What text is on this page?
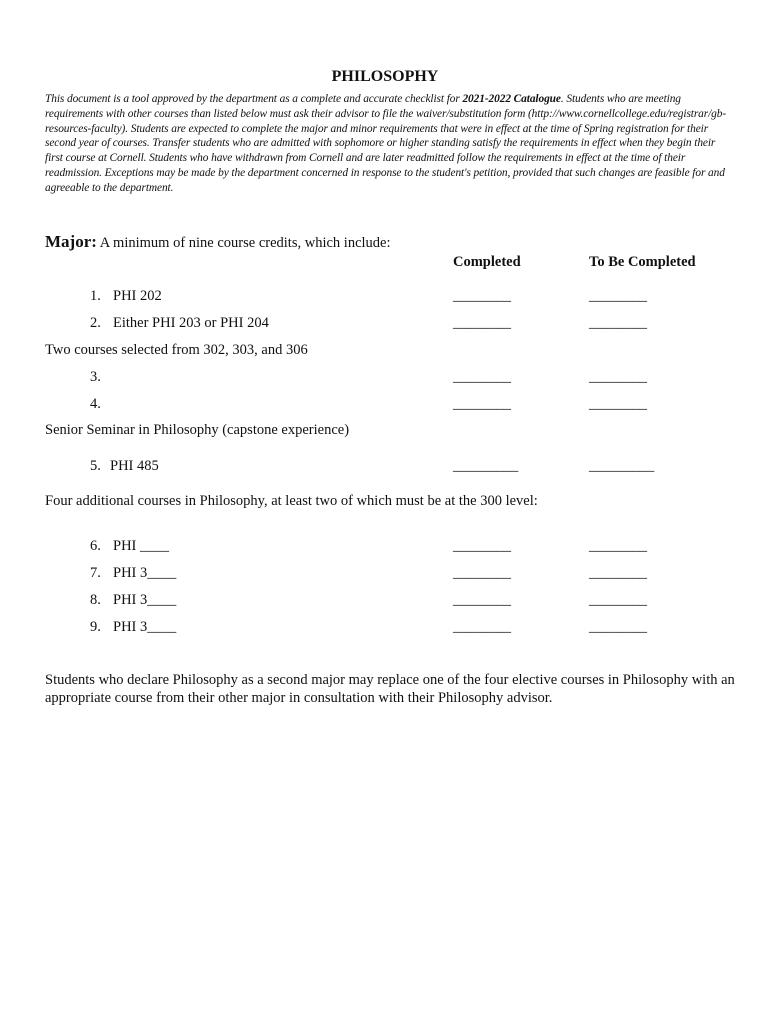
PHILOSOPHY
This document is a tool approved by the department as a complete and accurate checklist for 2021-2022 Catalogue. Students who are meeting requirements with other courses than listed below must ask their advisor to file the waiver/substitution form (http://www.cornellcollege.edu/registrar/gb-resources-faculty). Students are expected to complete the major and minor requirements that were in effect at the time of Spring registration for their second year of courses. Transfer students who are admitted with sophomore or higher standing satisfy the requirements in effect when they begin their first course at Cornell. Students who have withdrawn from Cornell and are later readmitted follow the requirements in effect at the time of their readmission. Exceptions may be made by the department concerned in response to the student's petition, provided that such changes are feasible for and agreeable to the department.
Major: A minimum of nine course credits, which include:
Completed	To Be Completed
1. PHI 202	________	________
2. Either PHI 203 or PHI 204	________	________
Two courses selected from 302, 303, and 306
3.	________	________
4.	________	________
Senior Seminar in Philosophy (capstone experience)
5. PHI 485	_________	_________
Four additional courses in Philosophy, at least two of which must be at the 300 level:
6. PHI ____	________	________
7. PHI 3____	________	________
8. PHI 3____	________	________
9. PHI 3____	________	________
Students who declare Philosophy as a second major may replace one of the four elective courses in Philosophy with an appropriate course from their other major in consultation with their Philosophy advisor.
